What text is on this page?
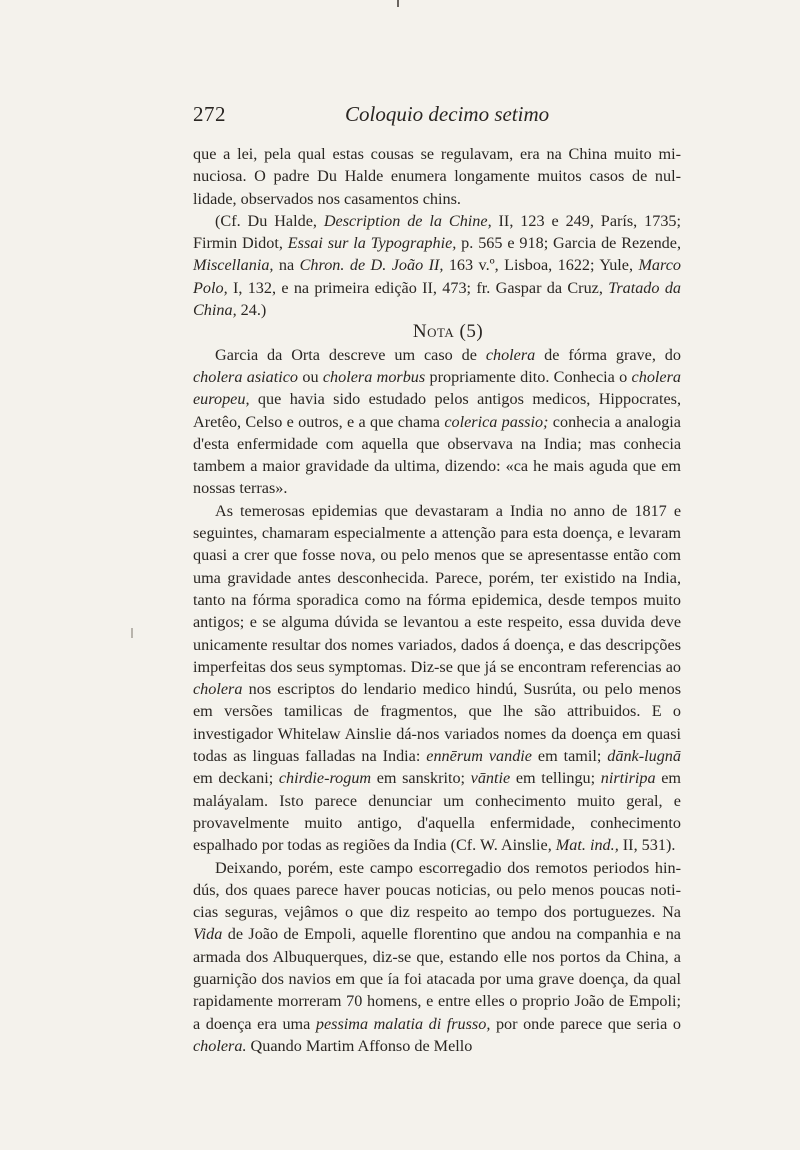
272	Coloquio decimo setimo

que a lei, pela qual estas cousas se regulavam, era na China muito minuciosa. O padre Du Halde enumera longamente muitos casos de nullidade, observados nos casamentos chins.

(Cf. Du Halde, Description de la Chine, II, 123 e 249, París, 1735; Firmin Didot, Essai sur la Typographie, p. 565 e 918; Garcia de Rezende, Miscellania, na Chron. de D. João II, 163 v.º, Lisboa, 1622; Yule, Marco Polo, I, 132, e na primeira edição II, 473; fr. Gaspar da Cruz, Tratado da China, 24.)

Nota (5)

Garcia da Orta descreve um caso de cholera de fórma grave, do cholera asiatico ou cholera morbus propriamente dito. Conhecia o cholera europeu, que havia sido estudado pelos antigos medicos, Hippocrates, Aretêo, Celso e outros, e a que chama colerica passio; conhecia a analogia d'esta enfermidade com aquella que observava na India; mas conhecia tambem a maior gravidade da ultima, dizendo: «ca he mais aguda que em nossas terras».

As temerosas epidemias que devastaram a India no anno de 1817 e seguintes, chamaram especialmente a attenção para esta doença, e levaram quasi a crer que fosse nova, ou pelo menos que se apresentasse então com uma gravidade antes desconhecida. Parece, porém, ter existido na India, tanto na fórma sporadica como na fórma epidemica, desde tempos muito antigos; e se alguma dúvida se levantou a este respeito, essa duvida deve unicamente resultar dos nomes variados, dados á doença, e das descripções imperfeitas dos seus symptomas. Diz-se que já se encontram referencias ao cholera nos escriptos do lendario medico hindú, Susrúta, ou pelo menos em versões tamilicas de fragmentos, que lhe são attribuidos. E o investigador Whitelaw Ainslie dá-nos variados nomes da doença em quasi todas as linguas falladas na India: ennērum vandie em tamil; dānk-lugnā em deckani; chirdie-rogum em sanskrito; vāntie em tellingu; nirtiripa em maláyalam. Isto parece denunciar um conhecimento muito geral, e provavelmente muito antigo, d'aquella enfermidade, conhecimento espalhado por todas as regiões da India (Cf. W. Ainslie, Mat. ind., II, 531).

Deixando, porém, este campo escorregadio dos remotos periodos hindús, dos quaes parece haver poucas noticias, ou pelo menos poucas noticias seguras, vejâmos o que diz respeito ao tempo dos portuguezes. Na Vida de João de Empoli, aquelle florentino que andou na companhia e na armada dos Albuquerques, diz-se que, estando elle nos portos da China, a guarnição dos navios em que ía foi atacada por uma grave doença, da qual rapidamente morreram 70 homens, e entre elles o proprio João de Empoli; a doença era uma pessima malatia di frusso, por onde parece que seria o cholera. Quando Martim Affonso de Mello
